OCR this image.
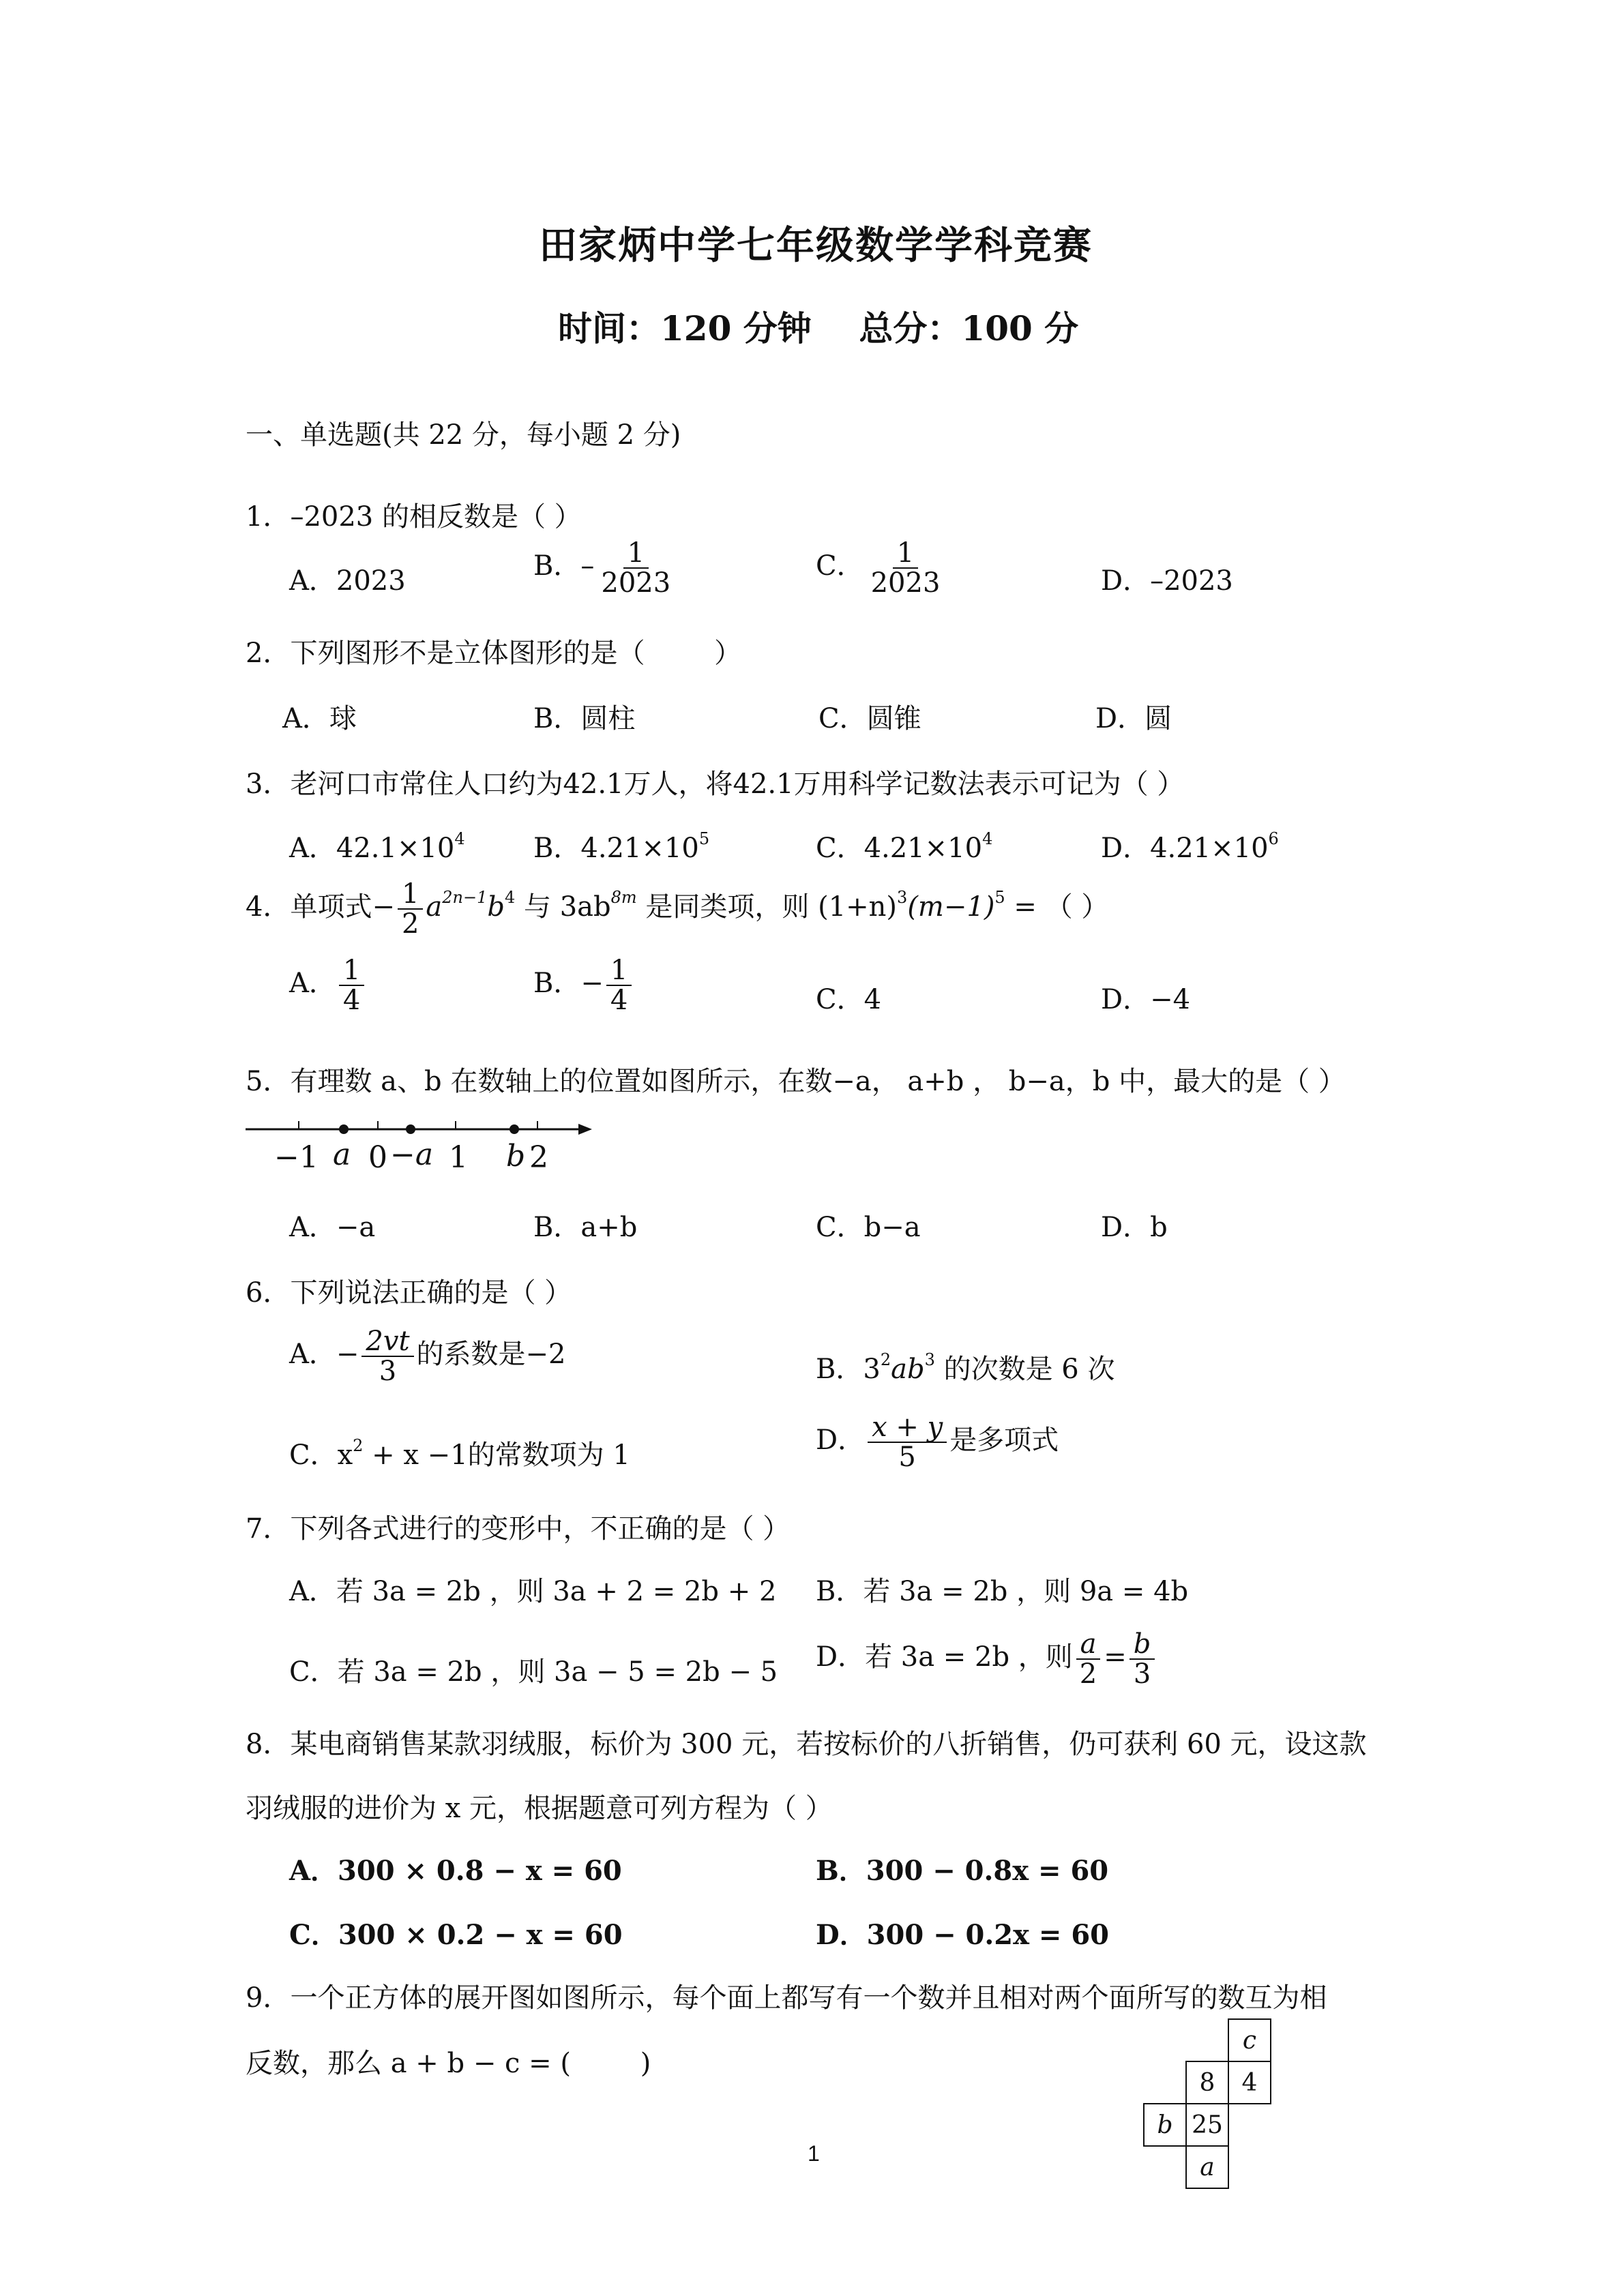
田家炳中学七年级数学学科竞赛
时间：120 分钟    总分：100 分
一、单选题(共 22 分，每小题 2 分)
1．–2023 的相反数是（ ）
A．2023	B．– $\frac{1}{2023}$	C． $\frac{1}{2023}$	D．–2023
2．下列图形不是立体图形的是（        ）
A．球	B．圆柱	C．圆锥	D．圆
3．老河口市常住人口约为42.1万人，将42.1万用科学记数法表示可记为（ ）
A．$42.1\times 10^4$	B．$4.21\times 10^5$	C．$4.21\times 10^4$	D．$4.21\times 10^6$
4．单项式− $\frac{1}{2} a^{2n-1}b^4$ 与 $3ab^{8m}$ 是同类项，则 $(1+n)^3(m-1)^5$ = （ ）
A． $\frac{1}{4}$	B．− $\frac{1}{4}$	C．4	D．−4
5．有理数 a、b 在数轴上的位置如图所示，在数−a， a+b ， b−a，b 中，最大的是（ ）
−1 a 0 −a 1 b 2
A．−a	B．a+b	C．b−a	D．b
6．下列说法正确的是（ ）
A．− $\frac{2vt}{3}$ 的系数是−2	B．$3^2ab^3$ 的次数是 6 次
C．$x^2 + x -1$的常数项为 1	D． $\frac{x + y}{5}$ 是多项式
7．下列各式进行的变形中，不正确的是（ ）
A．若 3a = 2b ，则 3a + 2 = 2b + 2 B．若 3a = 2b ，则 9a = 4b
C．若 3a = 2b ，则 3a − 5 = 2b − 5 D．若 3a = 2b ，则 $\frac{a}{2} = \frac{b}{3}$
8．某电商销售某款羽绒服，标价为 300 元，若按标价的八折销售，仍可获利 60 元，设这款
羽绒服的进价为 x 元，根据题意可列方程为（ ）
A．300 × 0.8 − x = 60	B．300 − 0.8x = 60
C．300 × 0.2 − x = 60	D．300 − 0.2x = 60
9．一个正方体的展开图如图所示，每个面上都写有一个数并且相对两个面所写的数互为相
反数，那么 a + b − c = (        )
c
8	4
b 25
a
1
